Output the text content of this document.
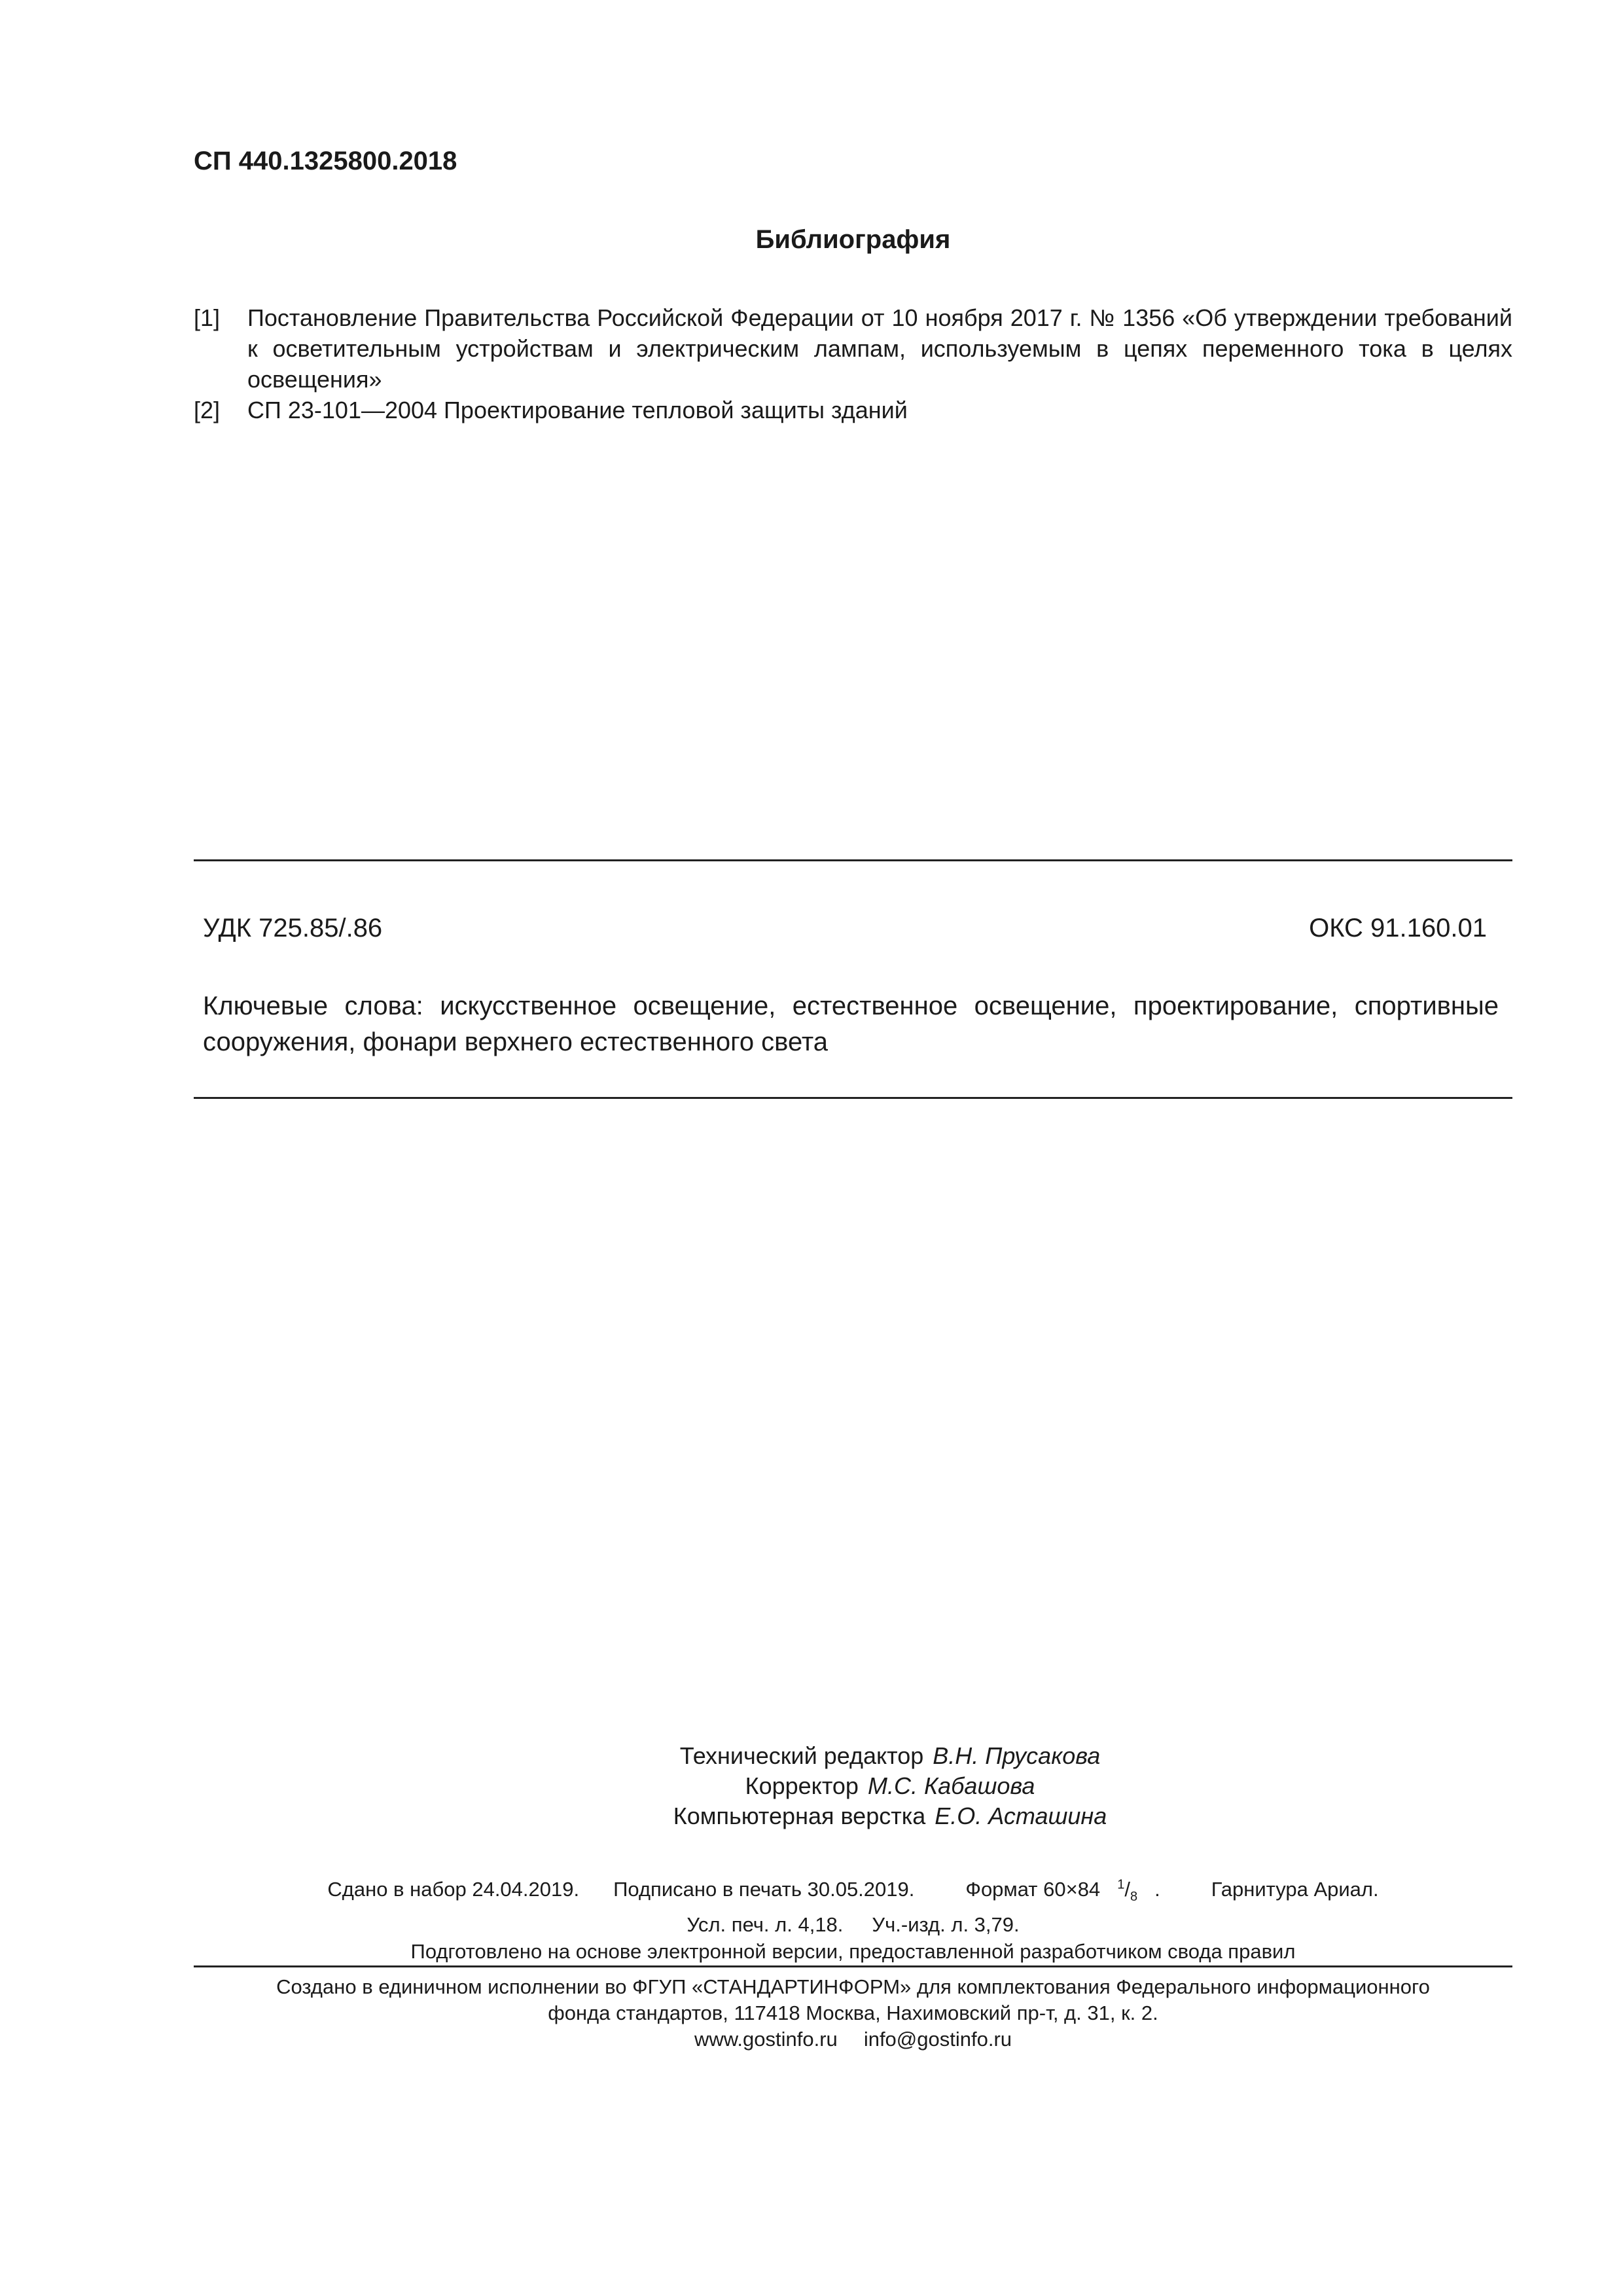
СП 440.1325800.2018
Библиография
[1] Постановление Правительства Российской Федерации от 10 ноября 2017 г. № 1356 «Об утверждении требований к осветительным устройствам и электрическим лампам, используемым в цепях переменного тока в целях освещения»
[2] СП 23-101—2004 Проектирование тепловой защиты зданий
УДК 725.85/.86	ОКС 91.160.01
Ключевые слова: искусственное освещение, естественное освещение, проектирование, спортивные
сооружения, фонари верхнего естественного света
Технический редактор В.Н. Прусакова
Корректор М.С. Кабашова
Компьютерная верстка Е.О. Асташина
Сдано в набор 24.04.2019. Подписано в печать 30.05.2019.	Формат 60×84 $^1/_8$ .	Гарнитура Ариал.
Усл. печ. л. 4,18. Уч.-изд. л. 3,79.
Подготовлено на основе электронной версии, предоставленной разработчиком свода правил
Создано в единичном исполнении во ФГУП «СТАНДАРТИНФОРМ» для комплектования Федерального информационного
фонда стандартов, 117418 Москва, Нахимовский пр-т, д. 31, к. 2.
www.gostinfo.ru info@gostinfo.ru
